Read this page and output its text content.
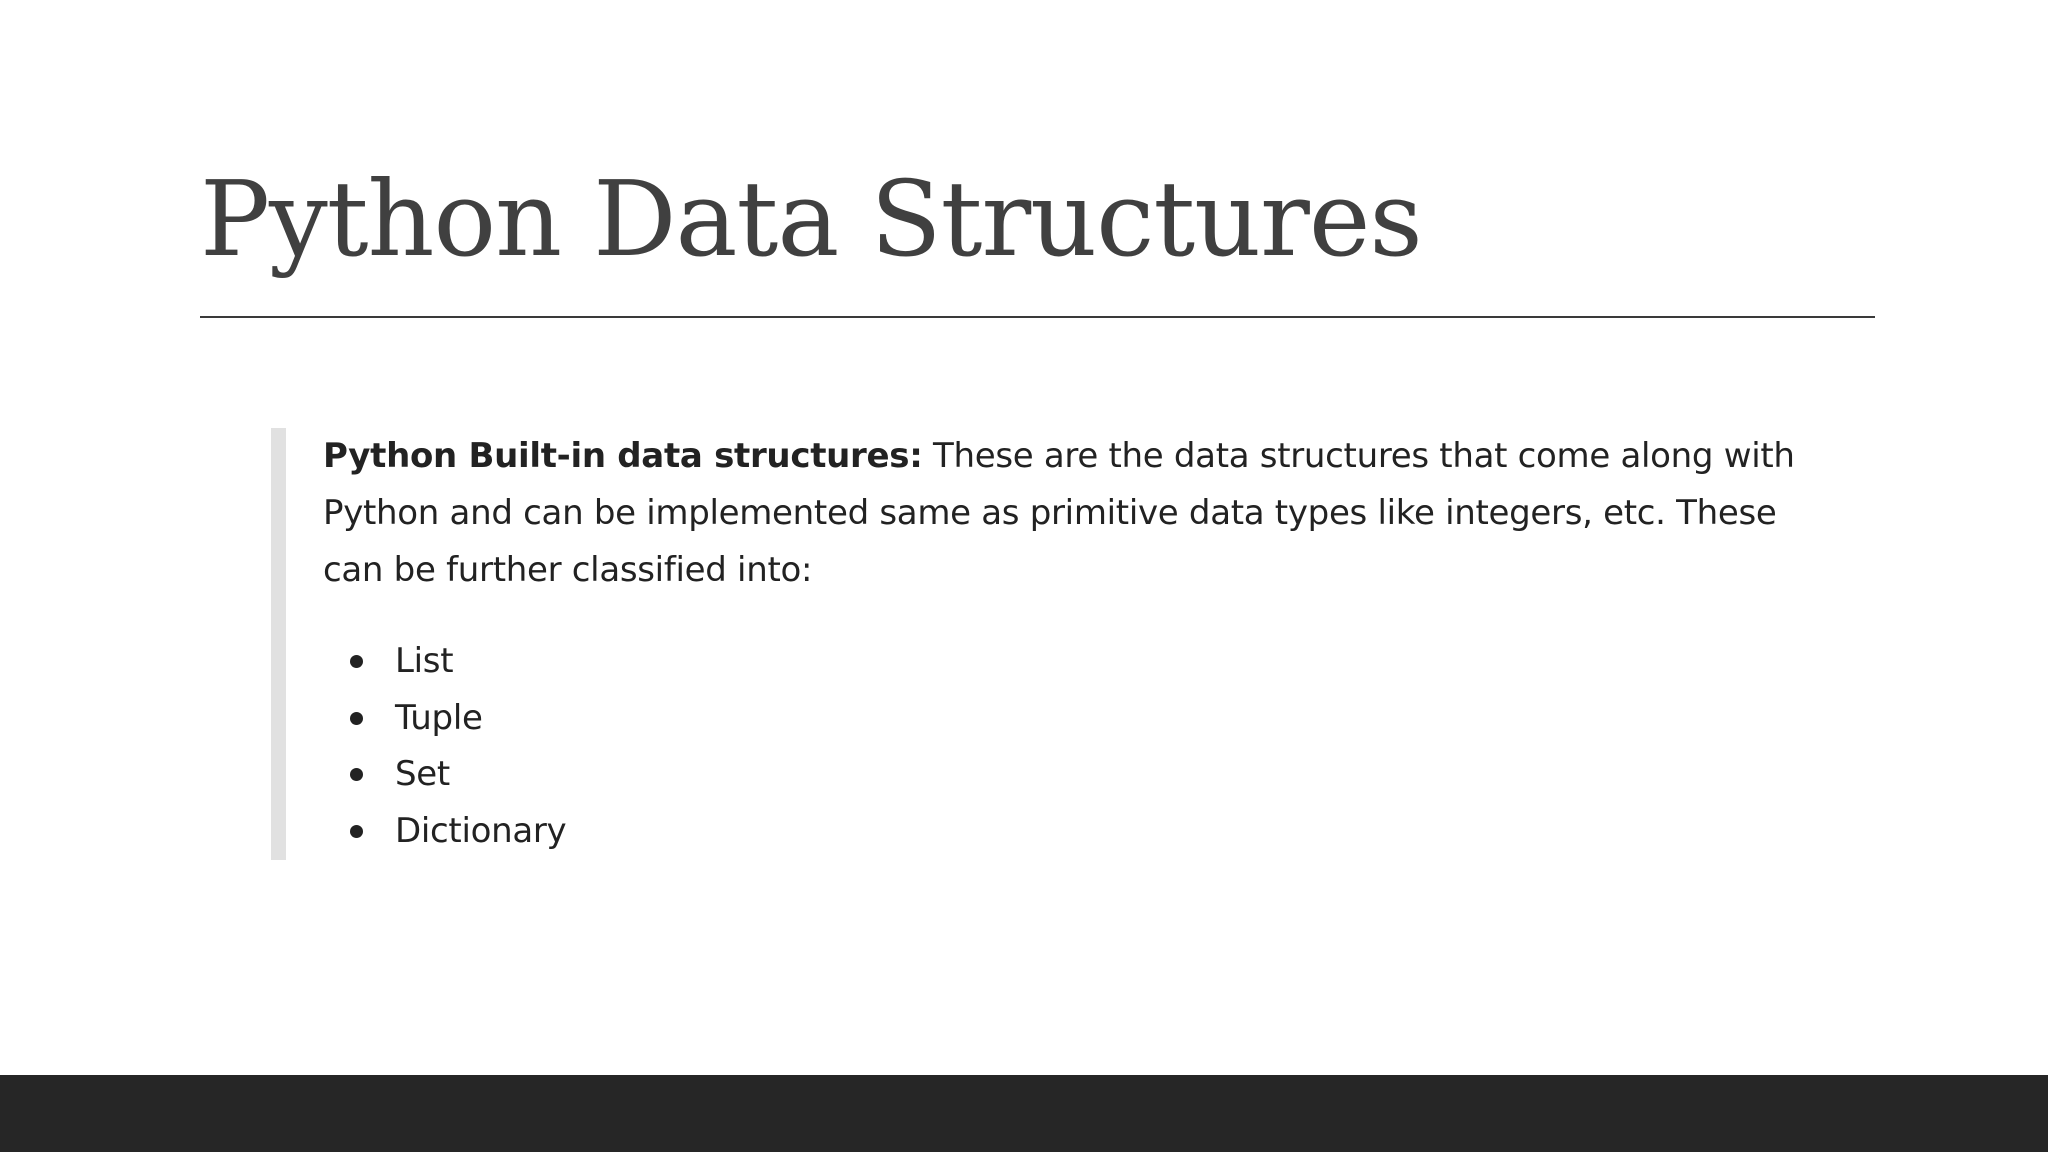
Python Data Structures

Python Built-in data structures: These are the data structures that come along with Python and can be implemented same as primitive data types like integers, etc. These can be further classified into:

List
Tuple
Set
Dictionary
